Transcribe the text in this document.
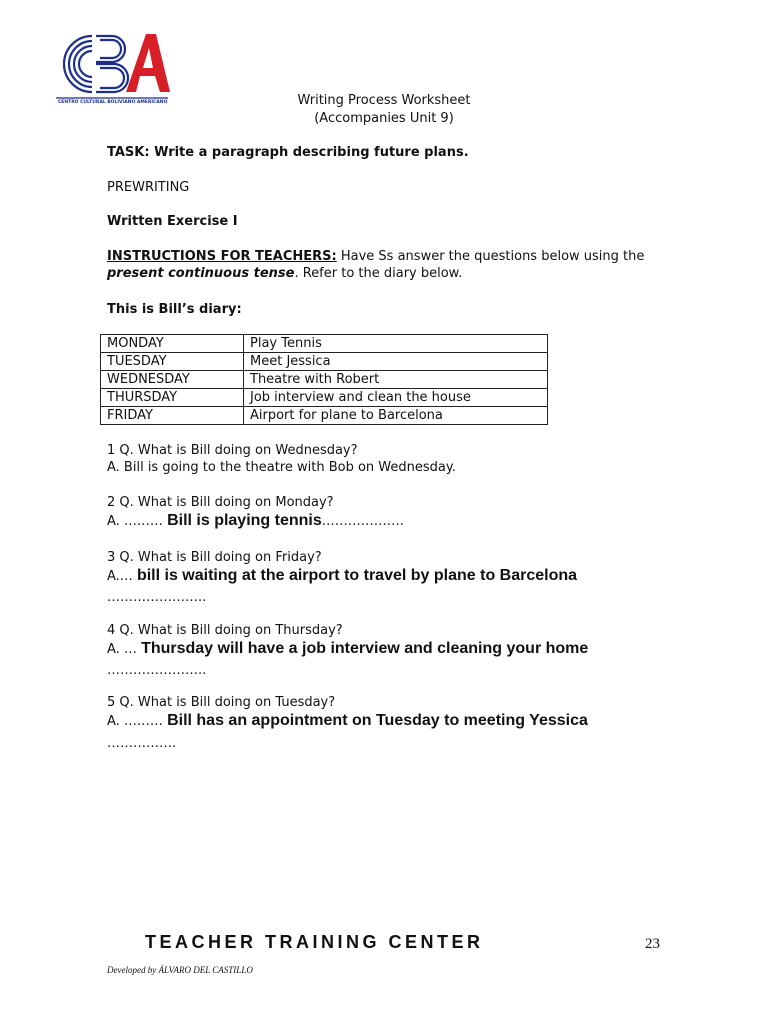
CENTRO CULTURAL BOLIVIANO AMERICANO	Writing Process Worksheet
(Accompanies Unit 9)
TASK: Write a paragraph describing future plans.
PREWRITING
Written Exercise I
INSTRUCTIONS FOR TEACHERS: Have Ss answer the questions below using the present continuous tense. Refer to the diary below.
This is Bill’s diary:
MONDAY	Play Tennis
TUESDAY	Meet Jessica
WEDNESDAY	Theatre with Robert
THURSDAY	Job interview and clean the house
FRIDAY	Airport for plane to Barcelona
1 Q. What is Bill doing on Wednesday?
A. Bill is going to the theatre with Bob on Wednesday.
2 Q. What is Bill doing on Monday?
A. ……… Bill is playing tennis……………….
3 Q. What is Bill doing on Friday?
A.… bill is waiting at the airport to travel by plane to Barcelona
…………………..
4 Q. What is Bill doing on Thursday?
A. … Thursday will have a job interview and cleaning your home
…………………..
5 Q. What is Bill doing on Tuesday?
A. ……… Bill has an appointment on Tuesday to meeting Yessica
…………….
TEACHER TRAINING CENTER	23
Developed by ÁLVARO DEL CASTILLO
